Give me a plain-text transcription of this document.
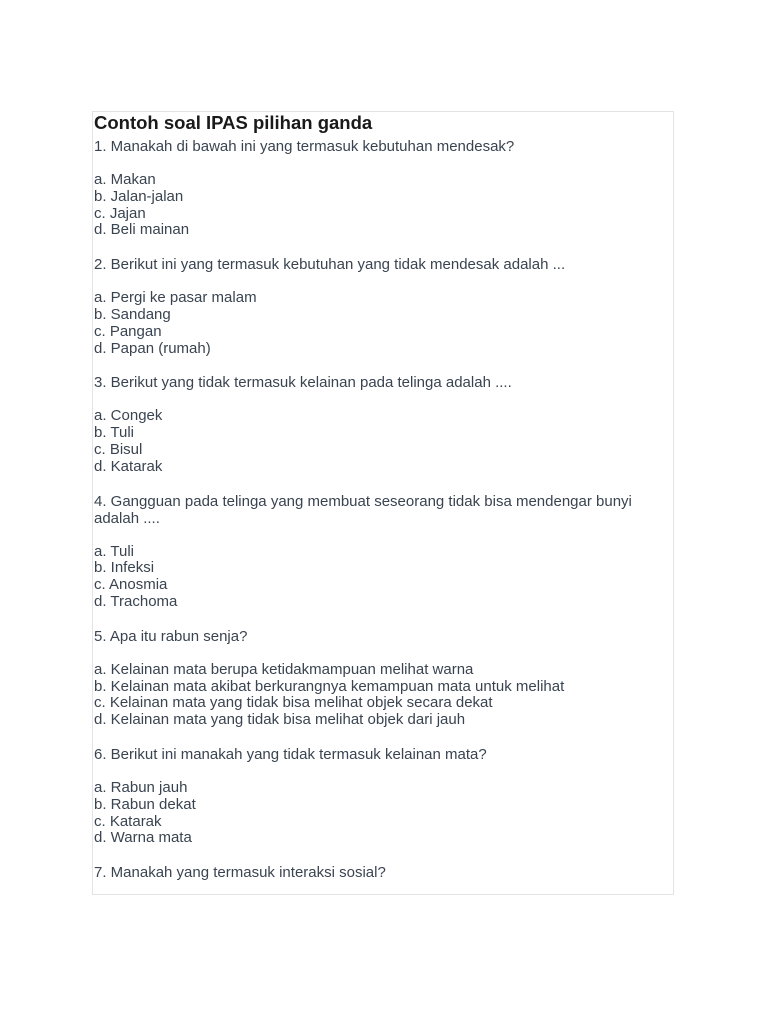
Contoh soal IPAS pilihan ganda

1. Manakah di bawah ini yang termasuk kebutuhan mendesak?

a. Makan
b. Jalan-jalan
c. Jajan
d. Beli mainan

2. Berikut ini yang termasuk kebutuhan yang tidak mendesak adalah ...

a. Pergi ke pasar malam
b. Sandang
c. Pangan
d. Papan (rumah)

3. Berikut yang tidak termasuk kelainan pada telinga adalah ....

a. Congek
b. Tuli
c. Bisul
d. Katarak

4. Gangguan pada telinga yang membuat seseorang tidak bisa mendengar bunyi adalah ....

a. Tuli
b. Infeksi
c. Anosmia
d. Trachoma

5. Apa itu rabun senja?

a. Kelainan mata berupa ketidakmampuan melihat warna
b. Kelainan mata akibat berkurangnya kemampuan mata untuk melihat
c. Kelainan mata yang tidak bisa melihat objek secara dekat
d. Kelainan mata yang tidak bisa melihat objek dari jauh

6. Berikut ini manakah yang tidak termasuk kelainan mata?

a. Rabun jauh
b. Rabun dekat
c. Katarak
d. Warna mata

7. Manakah yang termasuk interaksi sosial?
